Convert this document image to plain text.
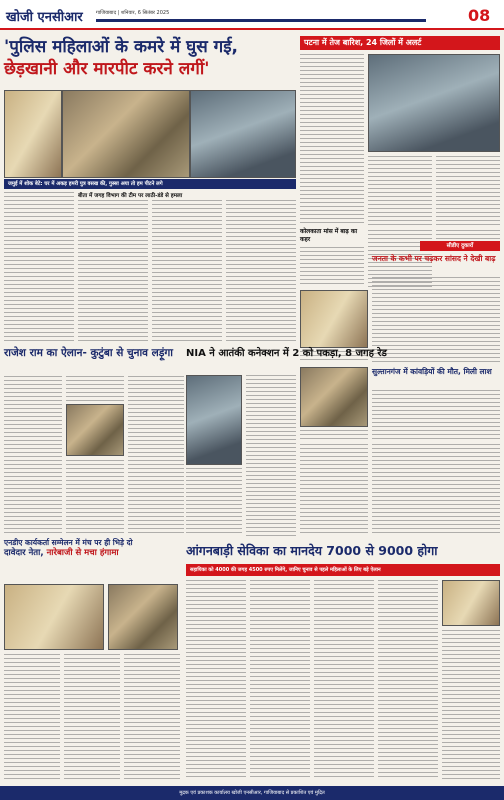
खोजी एनसीआर	गाजियाबाद | शनिवार, 6 सितंबर 2025	08
'पुलिस महिलाओं के कमरे में घुस गई,
छेड़खानी और मारपीट करने लगीं'
जमुई में शोक बेटे: घर में अकड़ हमरी पुत्र वसख की, गुस्सा अया तो हम पीटने लगे
बीता में जगह विभाग की टीम पर लाठी-डंडे से हमला
पटना में तेज बारिश, 24 जिलों में अलर्ट
कोलकाता मांस में बाढ़ का कहर
सीडीए दुकारों
जनता के कभी पर चढ़कर सांसद ने देखी बाढ़
सुल्तानगंज में कांवड़ियों की मौत, मिली लाश
राजेश राम का ऐलान- कुटुंबा से चुनाव लड़ूंगा	NIA ने आतंकी कनेक्शन में 2 को पकड़ा, 8 जगह रेड
एनडीए कार्यकर्ता सम्मेलन में मंच पर ही भिड़े दो
दावेदार नेता, नारेबाजी से मचा हंगामा	आंगनबाड़ी सेविका का मानदेय 7000 से 9000 होगा
सहायिका को 4000 की जगह 4500 रुपए मिलेंगे, जानिए चुनाव से पहले महिलाओं के लिए बड़े ऐलान
मुद्रक एवं प्रकाशक कार्यालय खोजी एनसीआर, गाजियाबाद से प्रकाशित एवं मुद्रित
